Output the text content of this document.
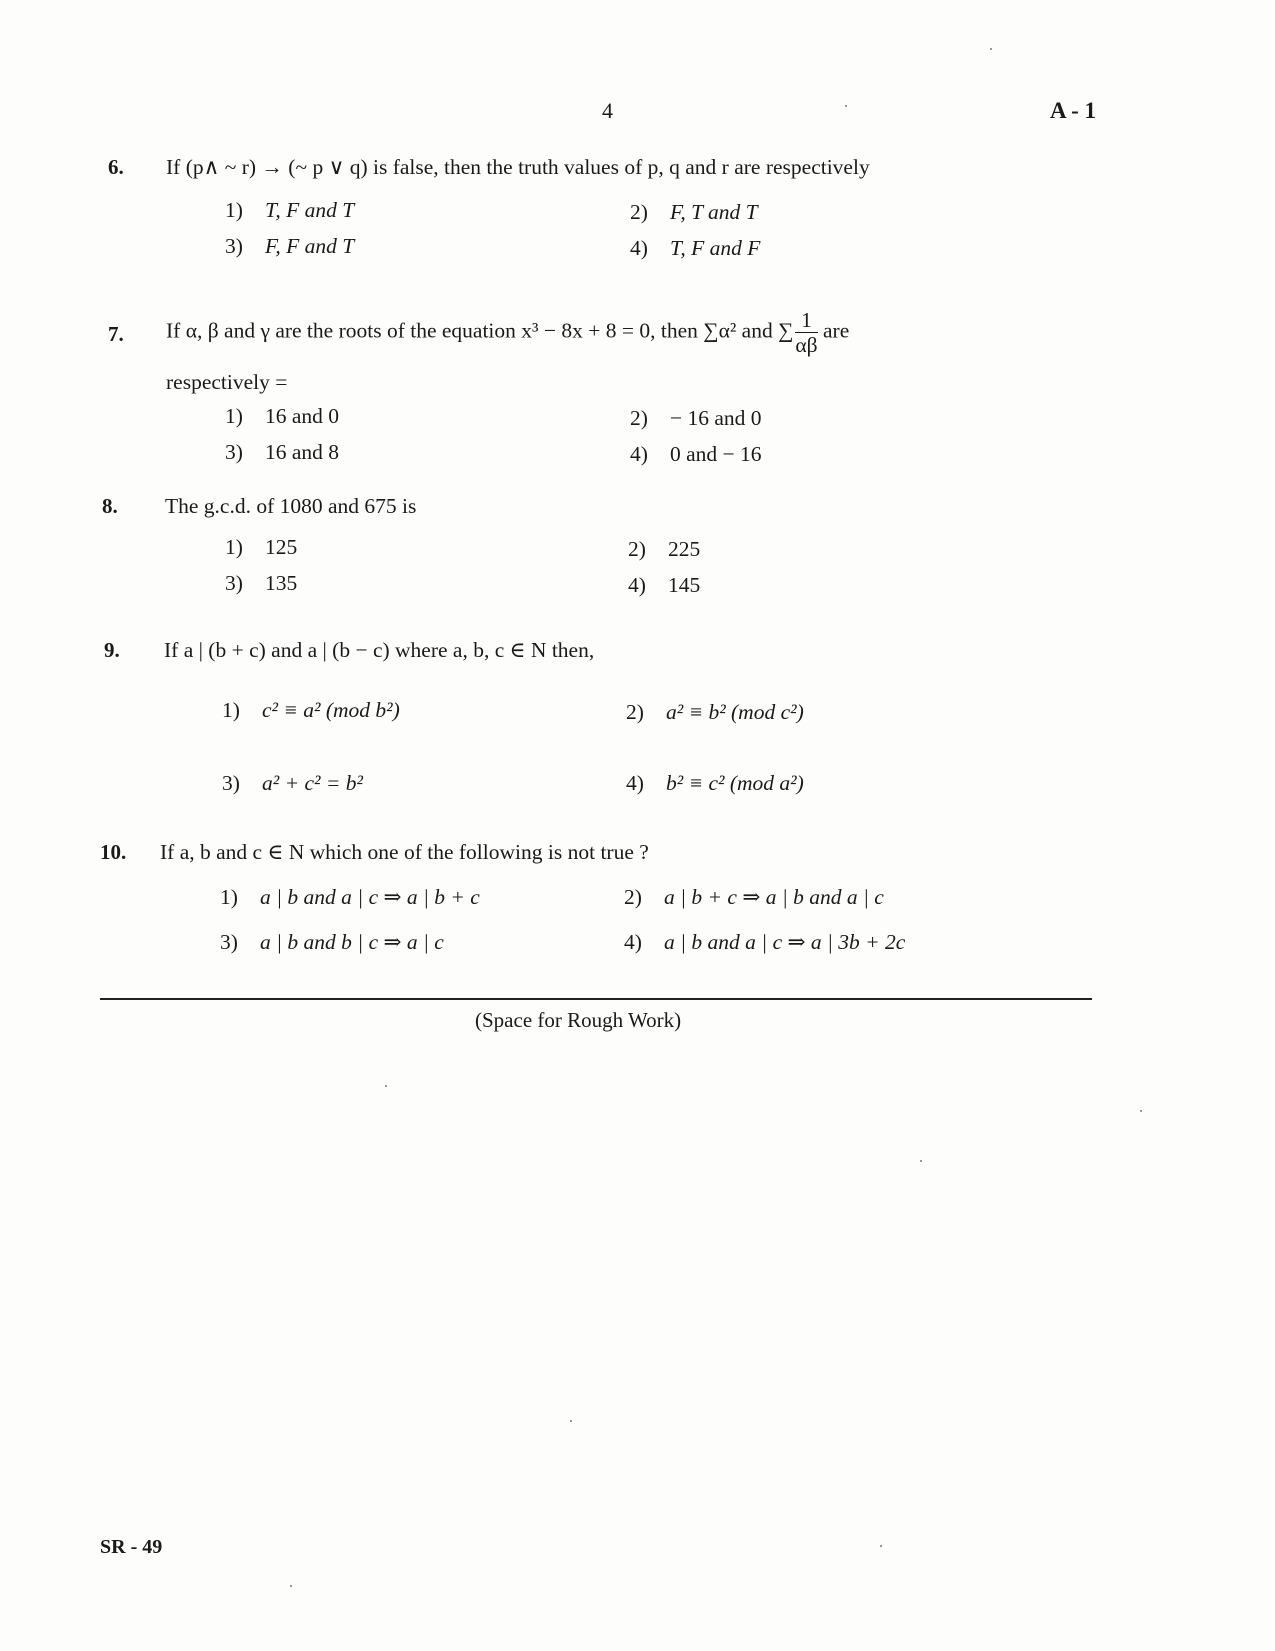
4	A - 1
6. If (p∧ ~ r) → (~ p ∨ q) is false, then the truth values of p, q and r are respectively
1) T, F and T	2) F, T and T
3) F, F and T	4) T, F and F
7. If α, β and γ are the roots of the equation x³ − 8x + 8 = 0, then ∑α² and ∑ $\frac{1}{\alpha\beta}$ are
respectively =
1) 16 and 0	2) − 16 and 0
3) 16 and 8	4) 0 and − 16
8. The g.c.d. of 1080 and 675 is
1) 125	2) 225
3) 135	4) 145
9. If a | (b + c) and a | (b − c) where a, b, c ∈ N then,
1) c² ≡ a² (mod b²)	2) a² ≡ b² (mod c²)
3) a² + c² = b²	4) b² ≡ c² (mod a²)
10. If a, b and c ∈ N which one of the following is not true ?
1) a | b and a | c ⇒ a | b + c	2) a | b + c ⇒ a | b and a | c
3) a | b and b | c ⇒ a | c	4) a | b and a | c ⇒ a | 3b + 2c
(Space for Rough Work)
SR - 49
